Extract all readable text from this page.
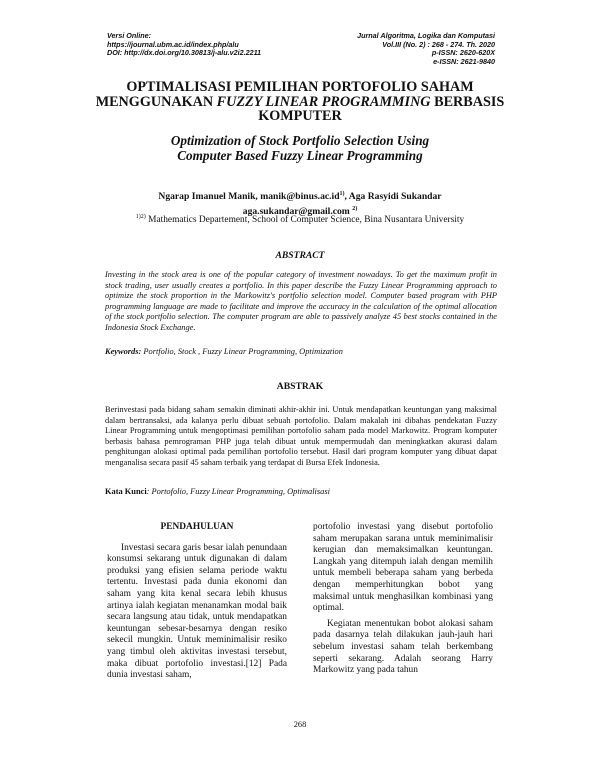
Versi Online:
https://journal.ubm.ac.id/index.php/alu
DOI: http://dx.doi.org/10.30813/j-alu.v2i2.2211
Jurnal Algoritma, Logika dan Komputasi
Vol.III (No. 2) : 268 - 274. Th. 2020
p-ISSN: 2620-620X
e-ISSN: 2621-9840
OPTIMALISASI PEMILIHAN PORTOFOLIO SAHAM
MENGGUNAKAN FUZZY LINEAR PROGRAMMING BERBASIS
KOMPUTER
Optimization of Stock Portfolio Selection Using
Computer Based Fuzzy Linear Programming
Ngarap Imanuel Manik, $manik@binus.ac.id^{1)}$, Aga Rasyidi Sukandar
aga.sukandar@gmail.com $^{2)}$
$^{1)2)}$ Mathematics Departement, School of Computer Science, Bina Nusantara University
ABSTRACT
Investing in the stock area is one of the popular category of investment nowadays. To get the maximum profit in stock trading, user usually creates a portfolio. In this paper describe the Fuzzy Linear Programming approach to optimize the stock proportion in the Markowitz's portfolio selection model. Computer based program with PHP programming language are made to facilitate and improve the accuracy in the calculation of the optimal allocation of the stock portfolio selection. The computer program are able to passively analyze 45 best stocks contained in the Indonesia Stock Exchange.
Keywords: Portfolio, Stock , Fuzzy Linear Programming, Optimization
ABSTRAK
Berinvestasi pada bidang saham semakin diminati akhir-akhir ini. Untuk mendapatkan keuntungan yang maksimal dalam bertransaksi, ada kalanya perlu dibuat sebuah portofolio. Dalam makalah ini dibahas pendekatan Fuzzy Linear Programming untuk mengoptimasi pemilihan portofolio saham pada model Markowitz. Program komputer berbasis bahasa pemrograman PHP juga telah dibuat untuk mempermudah dan meningkatkan akurasi dalam penghitungan alokasi optimal pada pemilihan portofolio tersebut. Hasil dari program komputer yang dibuat dapat menganalisa secara pasif 45 saham terbaik yang terdapat di Bursa Efek Indonesia.
Kata Kunci: Portofolio, Fuzzy Linear Programming, Optimalisasi
PENDAHULUAN

Investasi secara garis besar ialah penundaan konsumsi sekarang untuk digunakan di dalam produksi yang efisien selama periode waktu tertentu. Investasi pada dunia ekonomi dan saham yang kita kenal secara lebih khusus artinya ialah kegiatan menanamkan modal baik secara langsung atau tidak, untuk mendapatkan keuntungan sebesar-besarnya dengan resiko sekecil mungkin. Untuk meminimalisir resiko yang timbul oleh aktivitas investasi tersebut, maka dibuat portofolio investasi.[12] Pada dunia investasi saham,

portofolio investasi yang disebut portofolio saham merupakan sarana untuk meminimalisir kerugian dan memaksimalkan keuntungan. Langkah yang ditempuh ialah dengan memilih untuk membeli beberapa saham yang berbeda dengan memperhitungkan bobot yang maksimal untuk menghasilkan kombinasi yang optimal.

Kegiatan menentukan bobot alokasi saham pada dasarnya telah dilakukan jauh-jauh hari sebelum investasi saham telah berkembang seperti sekarang. Adalah seorang Harry Markowitz yang pada tahun

268
